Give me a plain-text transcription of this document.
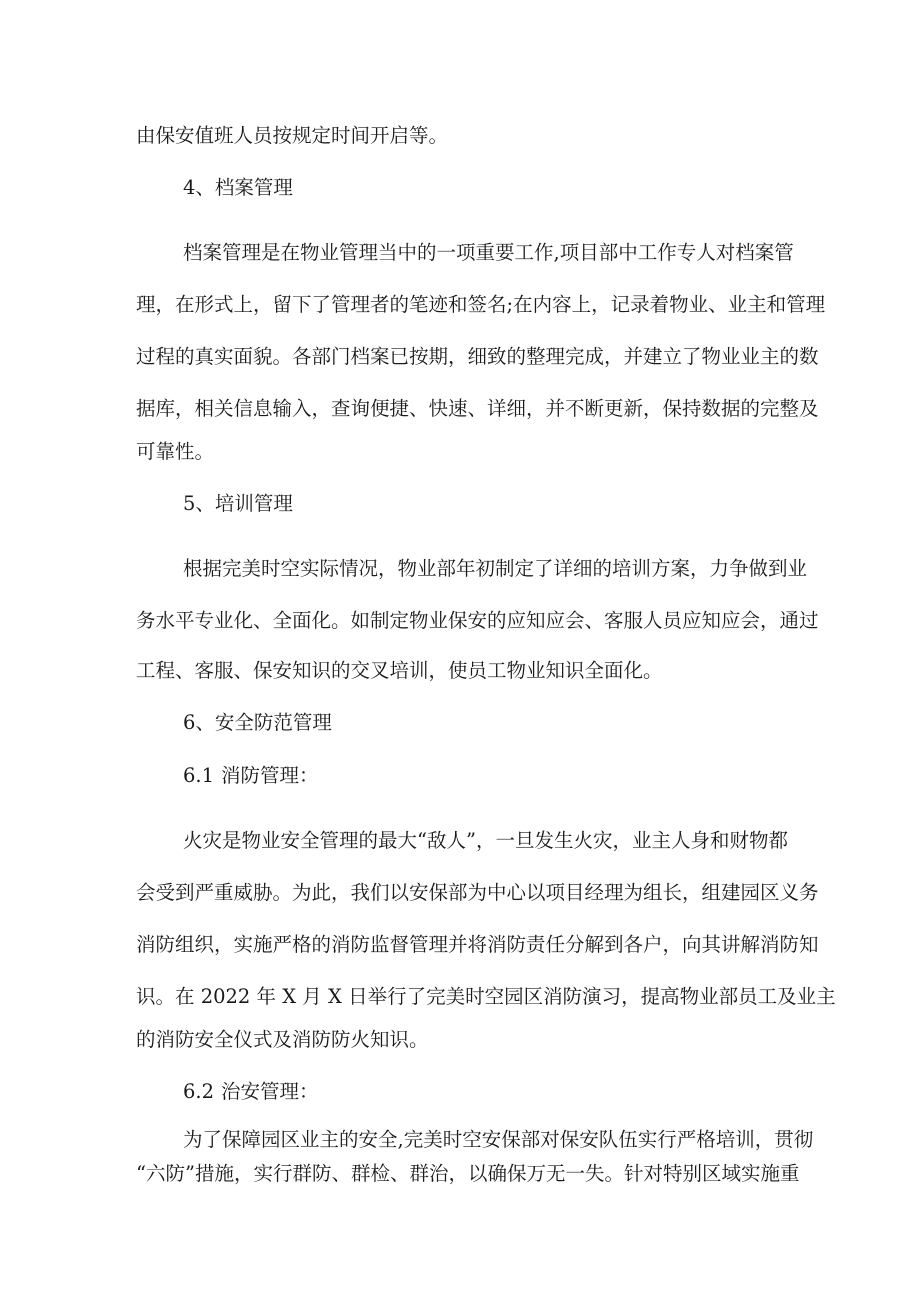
由保安值班人员按规定时间开启等。
4、档案管理
档案管理是在物业管理当中的一项重要工作,项目部中工作专人对档案管
理，在形式上，留下了管理者的笔迹和签名;在内容上，记录着物业、业主和管理
过程的真实面貌。各部门档案已按期，细致的整理完成，并建立了物业业主的数
据库，相关信息输入，查询便捷、快速、详细，并不断更新，保持数据的完整及
可靠性。
5、培训管理
根据完美时空实际情况，物业部年初制定了详细的培训方案，力争做到业
务水平专业化、全面化。如制定物业保安的应知应会、客服人员应知应会，通过
工程、客服、保安知识的交叉培训，使员工物业知识全面化。
6、安全防范管理
6.1 消防管理：
火灾是物业安全管理的最大“敌人”，一旦发生火灾，业主人身和财物都
会受到严重威胁。为此，我们以安保部为中心以项目经理为组长，组建园区义务
消防组织，实施严格的消防监督管理并将消防责任分解到各户，向其讲解消防知
识。在 2022 年 X 月 X 日举行了完美时空园区消防演习，提高物业部员工及业主
的消防安全仪式及消防防火知识。
6.2 治安管理：
为了保障园区业主的安全,完美时空安保部对保安队伍实行严格培训，贯彻
“六防”措施，实行群防、群检、群治，以确保万无一失。针对特别区域实施重
